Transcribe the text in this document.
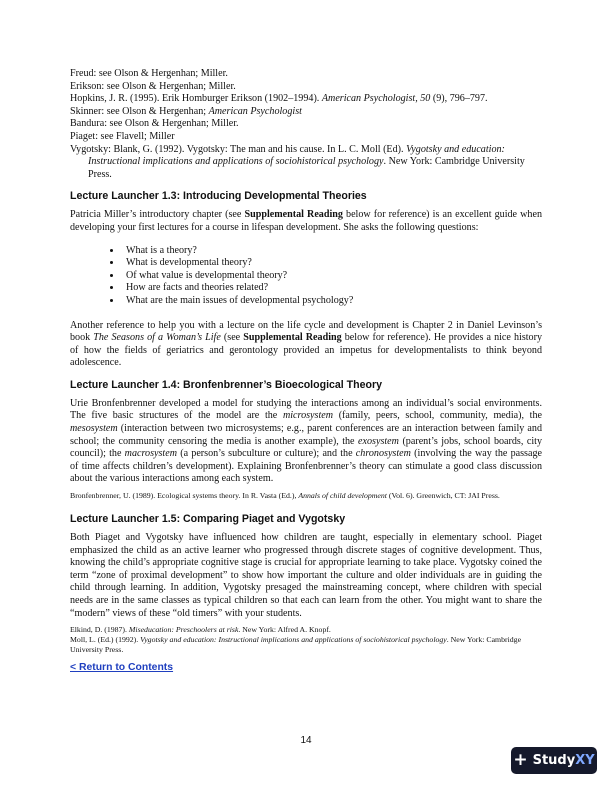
Freud: see Olson & Hergenhan; Miller.

Erikson: see Olson & Hergenhan; Miller.

Hopkins, J. R. (1995). Erik Homburger Erikson (1902–1994). American Psychologist, 50 (9), 796–797.

Skinner: see Olson & Hergenhan; American Psychologist

Bandura: see Olson & Hergenhan; Miller.

Piaget: see Flavell; Miller

Vygotsky: Blank, G. (1992). Vygotsky: The man and his cause. In L. C. Moll (Ed). Vygotsky and education: Instructional implications and applications of sociohistorical psychology. New York: Cambridge University Press.

Lecture Launcher 1.3: Introducing Developmental Theories

Patricia Miller’s introductory chapter (see Supplemental Reading below for reference) is an excellent guide when developing your first lectures for a course in lifespan development. She asks the following questions:

• What is a theory?
• What is developmental theory?
• Of what value is developmental theory?
• How are facts and theories related?
• What are the main issues of developmental psychology?

Another reference to help you with a lecture on the life cycle and development is Chapter 2 in Daniel Levinson’s book The Seasons of a Woman’s Life (see Supplemental Reading below for reference). He provides a nice history of how the fields of geriatrics and gerontology provided an impetus for developmentalists to think beyond adolescence.

Lecture Launcher 1.4: Bronfenbrenner’s Bioecological Theory

Urie Bronfenbrenner developed a model for studying the interactions among an individual’s social environments. The five basic structures of the model are the microsystem (family, peers, school, community, media), the mesosystem (interaction between two microsystems; e.g., parent conferences are an interaction between family and school; the community censoring the media is another example), the exosystem (parent’s jobs, school boards, city council); the macrosystem (a person’s subculture or culture); and the chronosystem (involving the way the passage of time affects children’s development). Explaining Bronfenbrenner’s theory can stimulate a good class discussion about the various interactions among each system.

Bronfenbrenner, U. (1989). Ecological systems theory. In R. Vasta (Ed.), Annals of child development (Vol. 6). Greenwich, CT: JAI Press.

Lecture Launcher 1.5: Comparing Piaget and Vygotsky

Both Piaget and Vygotsky have influenced how children are taught, especially in elementary school. Piaget emphasized the child as an active learner who progressed through discrete stages of cognitive development. Thus, knowing the child’s appropriate cognitive stage is crucial for appropriate learning to take place. Vygotsky coined the term “zone of proximal development” to show how important the culture and older individuals are in guiding the child through learning. In addition, Vygotsky presaged the mainstreaming concept, where children with special needs are in the same classes as typical children so that each can learn from the other. You might want to share the “modern” views of these “old timers” with your students.

Elkind, D. (1987). Miseducation: Preschoolers at risk. New York: Alfred A. Knopf.

Moll, L. (Ed.) (1992). Vygotsky and education: Instructional implications and applications of sociohistorical psychology. New York: Cambridge University Press.

< Return to Contents
14
+ StudyXY
